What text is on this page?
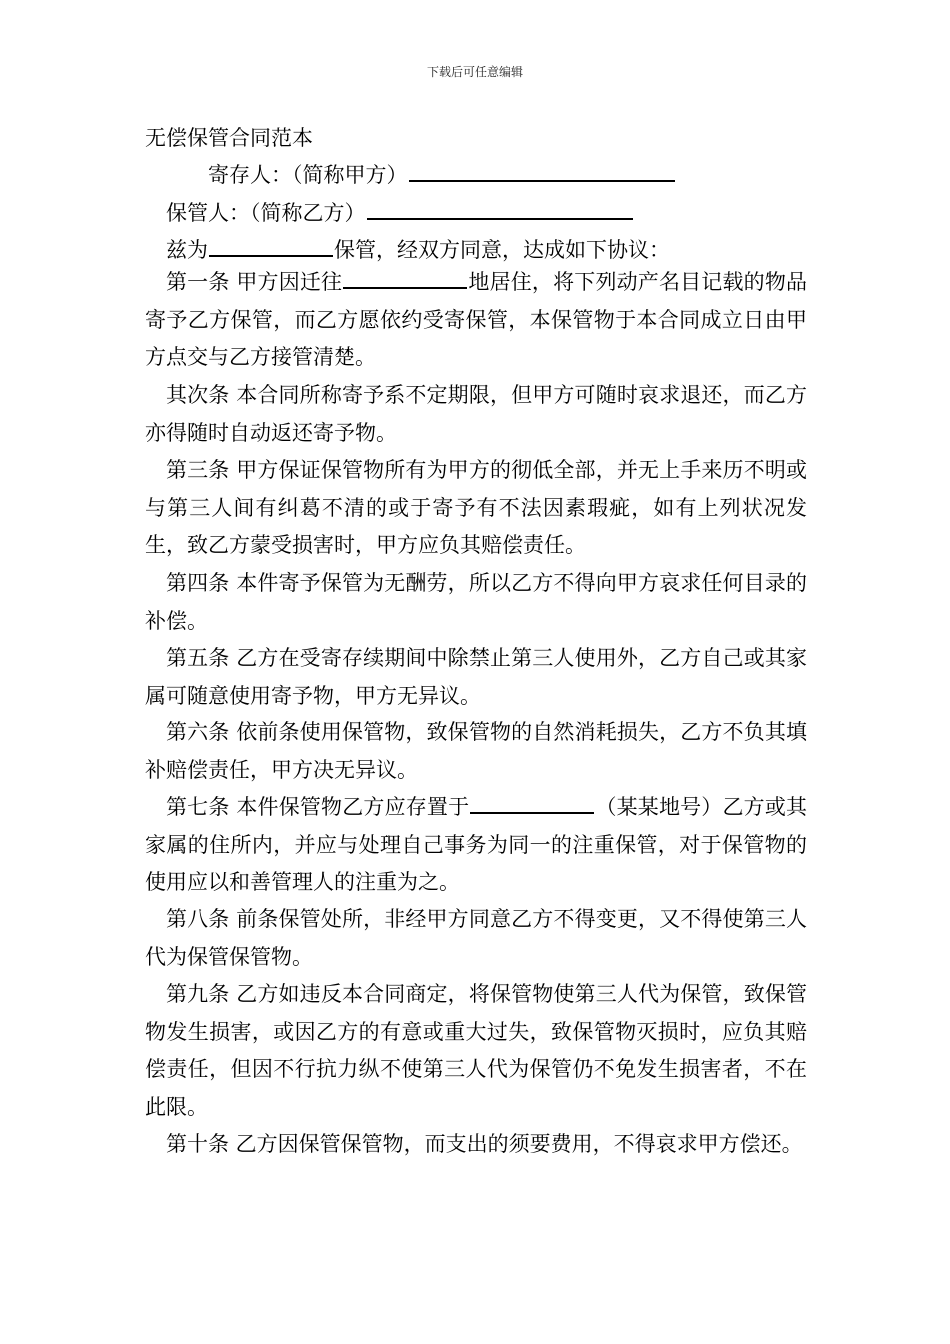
下载后可任意编辑
无偿保管合同范本
寄存人：（简称甲方）
保管人：（简称乙方）
兹为	保管，经双方同意，达成如下协议：
第一条 甲方因迁往	地居住，将下列动产名目记载的物品寄予乙方保管，而乙方愿依约受寄保管，本保管物于本合同成立日由甲方点交与乙方接管清楚。
其次条 本合同所称寄予系不定期限，但甲方可随时哀求退还，而乙方亦得随时自动返还寄予物。
第三条 甲方保证保管物所有为甲方的彻低全部，并无上手来历不明或与第三人间有纠葛不清的或于寄予有不法因素瑕疵，如有上列状况发生，致乙方蒙受损害时，甲方应负其赔偿责任。
第四条 本件寄予保管为无酬劳，所以乙方不得向甲方哀求任何目录的补偿。
第五条 乙方在受寄存续期间中除禁止第三人使用外，乙方自己或其家属可随意使用寄予物，甲方无异议。
第六条 依前条使用保管物，致保管物的自然消耗损失，乙方不负其填补赔偿责任，甲方决无异议。
第七条 本件保管物乙方应存置于	（某某地号）乙方或其家属的住所内，并应与处理自己事务为同一的注重保管，对于保管物的使用应以和善管理人的注重为之。
第八条 前条保管处所，非经甲方同意乙方不得变更，又不得使第三人代为保管保管物。
第九条 乙方如违反本合同商定，将保管物使第三人代为保管，致保管物发生损害，或因乙方的有意或重大过失，致保管物灭损时，应负其赔偿责任，但因不行抗力纵不使第三人代为保管仍不免发生损害者，不在此限。
第十条 乙方因保管保管物，而支出的须要费用，不得哀求甲方偿还。
